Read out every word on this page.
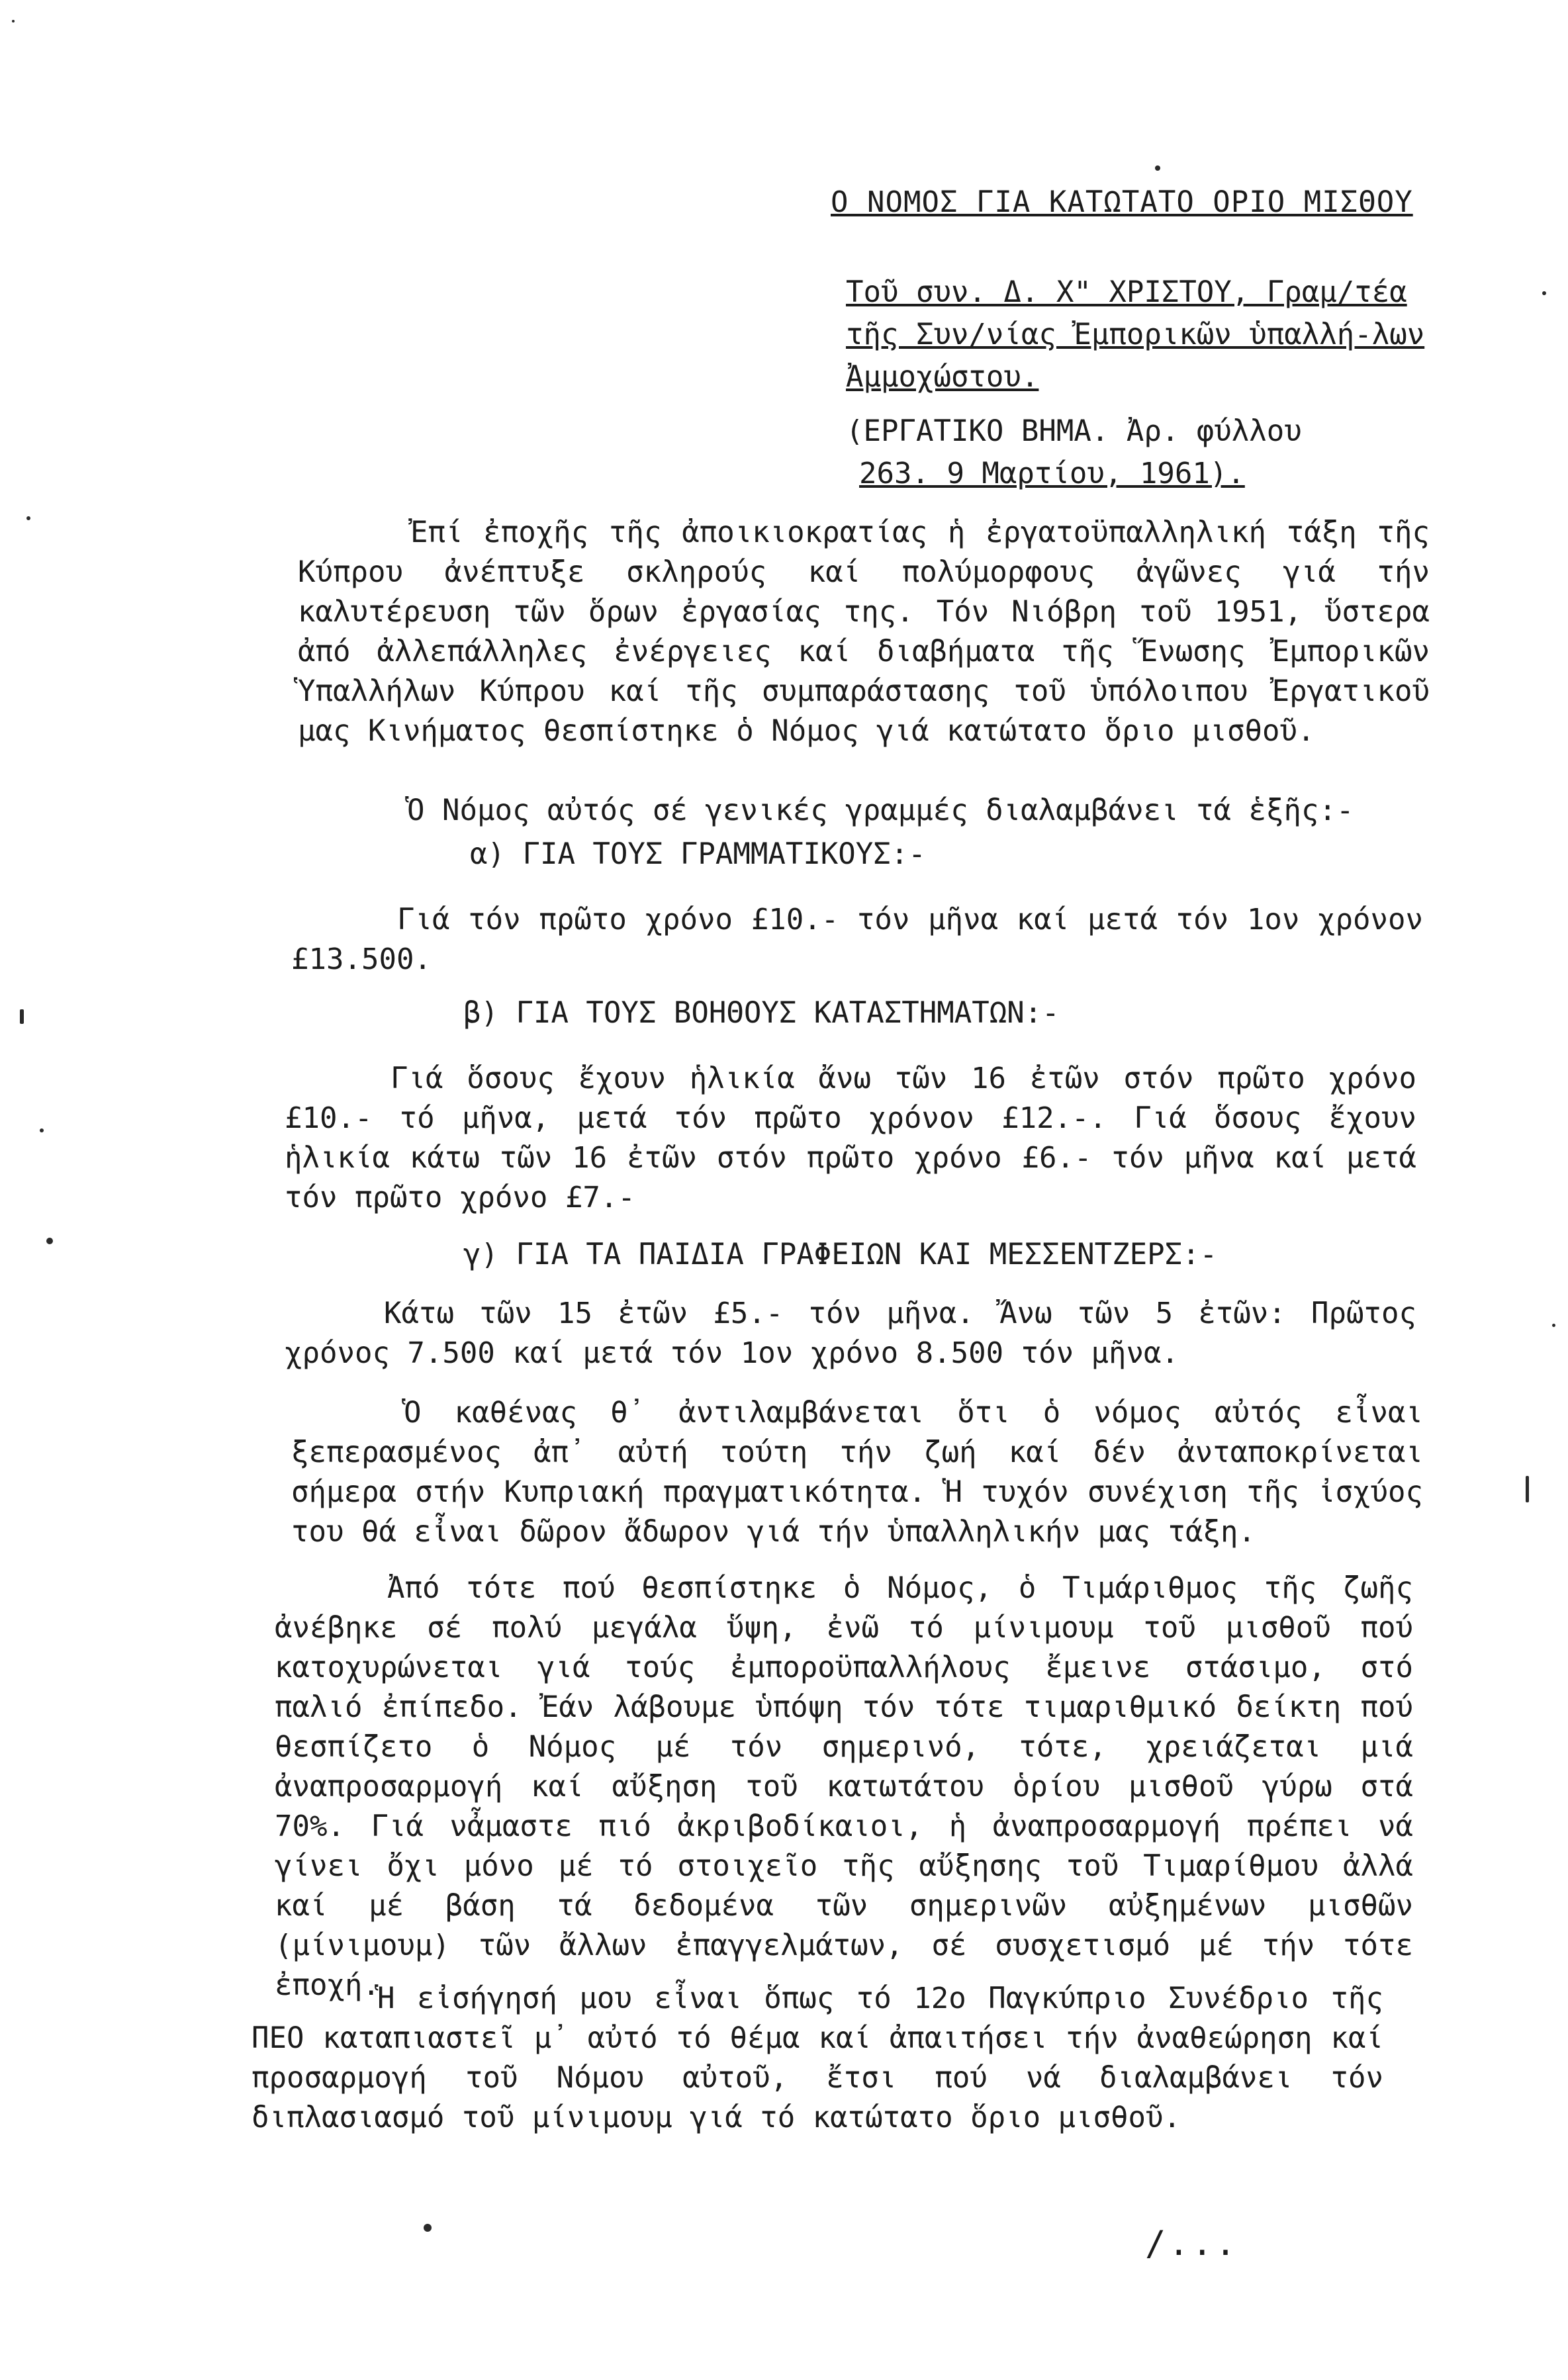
O NOMOΣ ΓΙΑ ΚΑΤΩΤΑΤΟ ΟΡΙΟ ΜΙΣΘΟΥ
Τοῦ συν. Δ. Χ" ΧΡΙΣΤΟΥ, Γραμ/τέα τῆς Συν/νίας Ἐμπορικῶν ὑπαλλή-λων Ἀμμοχώστου.
(ΕΡΓΑΤΙΚΟ ΒΗΜΑ. Ἀρ. φύλλου
263. 9 Μαρτίου, 1961).
Ἐπί ἐποχῆς τῆς ἀποικιοκρατίας ἡ ἐργατοϋπαλληλική τάξη τῆς Κύπρου ἀνέπτυξε σκληρούς καί πολύμορφους ἀγῶνες γιά τήν καλυτέρευση τῶν ὅρων ἐργασίας της. Τόν Νιόβρη τοῦ 1951, ὕστερα ἀπό ἀλλεπάλληλες ἐνέργειες καί διαβήματα τῆς Ἕνωσης Ἐμπορικῶν Ὑπαλλήλων Κύπρου καί τῆς συμπαράστασης τοῦ ὑπόλοιπου Ἐργατικοῦ μας Κινήματος θεσπίστηκε ὁ Νόμος γιά κατώτατο ὅριο μισθοῦ.
Ὁ Νόμος αὐτός σέ γενικές γραμμές διαλαμβάνει τά ἑξῆς:-
α) ΓΙΑ ΤΟΥΣ ΓΡΑΜΜΑΤΙΚΟΥΣ:-
Γιά τόν πρῶτο χρόνο £10.- τόν μῆνα καί μετά τόν 1ον χρόνον £13.500.
β) ΓΙΑ ΤΟΥΣ ΒΟΗΘΟΥΣ ΚΑΤΑΣΤΗΜΑΤΩΝ:-
Γιά ὅσους ἔχουν ἡλικία ἄνω τῶν 16 ἐτῶν στόν πρῶτο χρόνο £10.- τό μῆνα, μετά τόν πρῶτο χρόνον £12.-. Γιά ὅσους ἔχουν ἡλικία κάτω τῶν 16 ἐτῶν στόν πρῶτο χρόνο £6.- τόν μῆνα καί μετά τόν πρῶτο χρόνο £7.-
γ) ΓΙΑ ΤΑ ΠΑΙΔΙΑ ΓΡΑΦΕΙΩΝ ΚΑΙ ΜΕΣΣΕΝΤΖΕΡΣ:-
Κάτω τῶν 15 ἐτῶν £5.- τόν μῆνα. Ἄνω τῶν 5 ἐτῶν: Πρῶτος χρόνος 7.500 καί μετά τόν 1ον χρόνο 8.500 τόν μῆνα.
Ὁ καθένας θ᾽ ἀντιλαμβάνεται ὅτι ὁ νόμος αὐτός εἶναι ξεπερασμένος ἀπ᾽ αὐτή τούτη τήν ζωή καί δέν ἀνταποκρίνεται σήμερα στήν Κυπριακή πραγματικότητα. Ἡ τυχόν συνέχιση τῆς ἰσχύος του θά εἶναι δῶρον ἄδωρον γιά τήν ὑπαλληλικήν μας τάξη.
Ἀπό τότε πού θεσπίστηκε ὁ Νόμος, ὁ Τιμάριθμος τῆς ζωῆς ἀνέβηκε σέ πολύ μεγάλα ὕψη, ἐνῶ τό μίνιμουμ τοῦ μισθοῦ πού κατοχυρώνεται γιά τούς ἐμποροϋπαλλήλους ἔμεινε στάσιμο, στό παλιό ἐπίπεδο. Ἐάν λάβουμε ὑπόψη τόν τότε τιμαριθμικό δείκτη πού θεσπίζετο ὁ Νόμος μέ τόν σημερινό, τότε, χρειάζεται μιά ἀναπροσαρμογή καί αὔξηση τοῦ κατωτάτου ὁρίου μισθοῦ γύρω στά 70%. Γιά νἆμαστε πιό ἀκριβοδίκαιοι, ἡ ἀναπροσαρμογή πρέπει νά γίνει ὄχι μόνο μέ τό στοιχεῖο τῆς αὔξησης τοῦ Τιμαρίθμου ἀλλά καί μέ βάση τά δεδομένα τῶν σημερινῶν αὐξημένων μισθῶν (μίνιμουμ) τῶν ἄλλων ἐπαγγελμάτων, σέ συσχετισμό μέ τήν τότε ἐποχή.
Ἡ εἰσήγησή μου εἶναι ὅπως τό 12ο Παγκύπριο Συνέδριο τῆς ΠΕΟ καταπιαστεῖ μ᾽ αὐτό τό θέμα καί ἀπαιτήσει τήν ἀναθεώρηση καί προσαρμογή τοῦ Νόμου αὐτοῦ, ἔτσι πού νά διαλαμβάνει τόν διπλασιασμό τοῦ μίνιμουμ γιά τό κατώτατο ὅριο μισθοῦ.
/...
